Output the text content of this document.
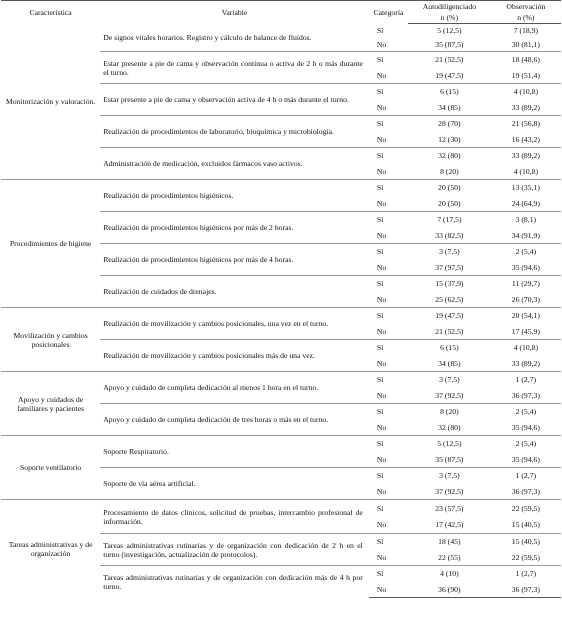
Característica	Variable	Categoría	Autodiligenciado	Observación
			n (%)	n (%)
Monitorización y valoración.	De signos vitales horarios. Registro y cálculo de balance de fluidos.	Sí	5 (12,5)	7 (18,9)
		No	35 (87,5)	30 (81,1)
	Estar presente a pie de cama y observación continua o activa de 2 h o más durante el turno.	Sí	21 (52,5)	18 (48,6)
		No	19 (47,5)	19 (51,4)
	Estar presente a pie de cama y observación activa de 4 h o más durante el turno.	Sí	6 (15)	4 (10,8)
		No	34 (85)	33 (89,2)
	Realización de procedimientos de laboratorio, bioquímica y microbiología.	Sí	28 (70)	21 (56,8)
		No	12 (30)	16 (43,2)
	Administración de medicación, excluidos fármacos vaso activos.	Sí	32 (80)	33 (89,2)
		No	8 (20)	4 (10,8)
Procedimientos de higiene	Realización de procedimientos higiénicos.	Sí	20 (50)	13 (35,1)
		No	20 (50)	24 (64,9)
	Realización de procedimientos higiénicos por más de 2 horas.	Sí	7 (17,5)	3 (8,1)
		No	33 (82,5)	34 (91,9)
	Realización de procedimientos higiénicos por más de 4 horas.	Sí	3 (7,5)	2 (5,4)
		No	37 (97,5)	35 (94,6)
	Realización de cuidados de drenajes.	Sí	15 (37,9)	11 (29,7)
		No	25 (62,5)	26 (70,3)
Movilización y cambios posicionales	Realización de movilización y cambios posicionales, una vez en el turno.	Sí	19 (47,5)	20 (54,1)
		No	21 (52,5)	17 (45,9)
	Realización de movilización y cambios posicionales más de una vez.	Sí	6 (15)	4 (10,8)
		No	34 (85)	33 (89,2)
Apoyo y cuidados de familiares y pacientes	Apoyo y cuidado de completa dedicación al menos 1 hora en el turno.	Sí	3 (7,5)	1 (2,7)
		No	37 (92,5)	36 (97,3)
	Apoyo y cuidado de completa dedicación de tres horas o más en el turno.	Sí	8 (20)	2 (5,4)
		No	32 (80)	35 (94,6)
Soporte ventilatorio	Soporte Respiratorio.	Sí	5 (12,5)	2 (5,4)
		No	35 (87,5)	35 (94,6)
	Soporte de vía aérea artificial.	Sí	3 (7,5)	1 (2,7)
		No	37 (92,5)	36 (97,3)
Tareas administrativas y de organización	Procesamiento de datos clínicos, solicitud de pruebas, intercambio profesional de información.	Sí	23 (57,5)	22 (59,5)
		No	17 (42,5)	15 (40,5)
	Tareas administrativas rutinarias y de organización con dedicación de 2 h en el turno (investigación, actualización de protocolos).	Sí	18 (45)	15 (40,5)
		No	22 (55)	22 (59,5)
	Tareas administrativas rutinarias y de organización con dedicación más de 4 h por turno.	Sí	4 (10)	1 (2,7)
		No	36 (90)	36 (97,3)
